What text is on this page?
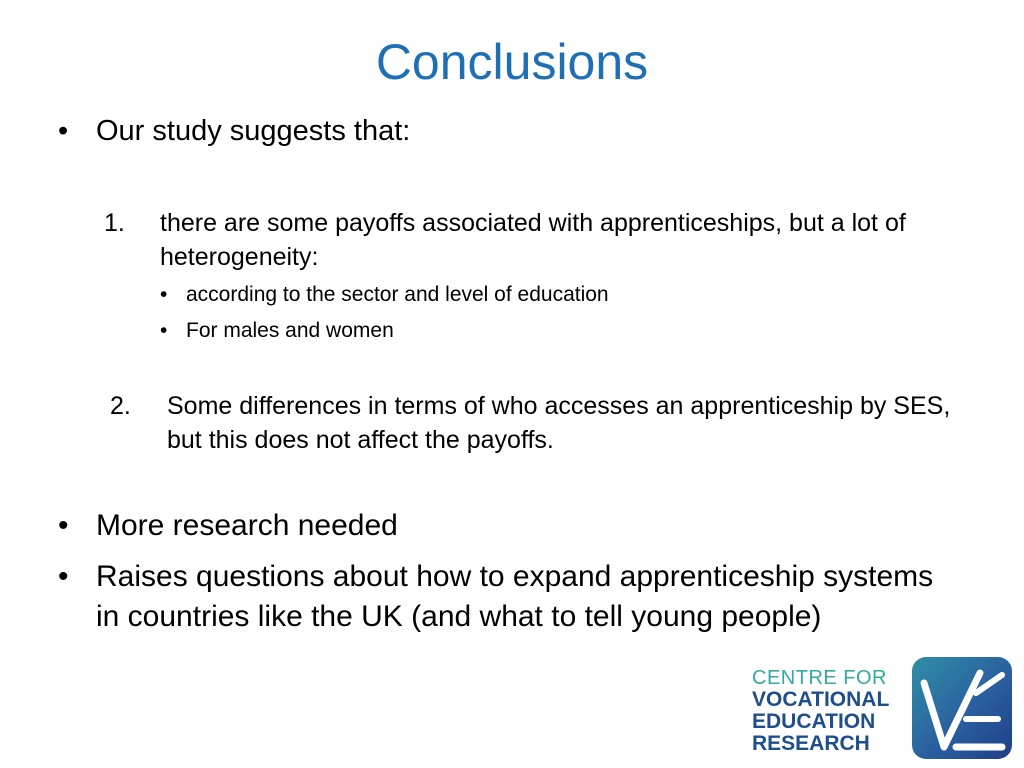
Conclusions
• Our study suggests that:
1.	there are some payoffs associated with apprenticeships, but a lot of heterogeneity:
• according to the sector and level of education
• For males and women
2.	Some differences in terms of who accesses an apprenticeship by SES, but this does not affect the payoffs.
• More research needed
• Raises questions about how to expand apprenticeship systems in countries like the UK (and what to tell young people)
CENTRE FOR
VOCATIONAL
EDUCATION
RESEARCH
